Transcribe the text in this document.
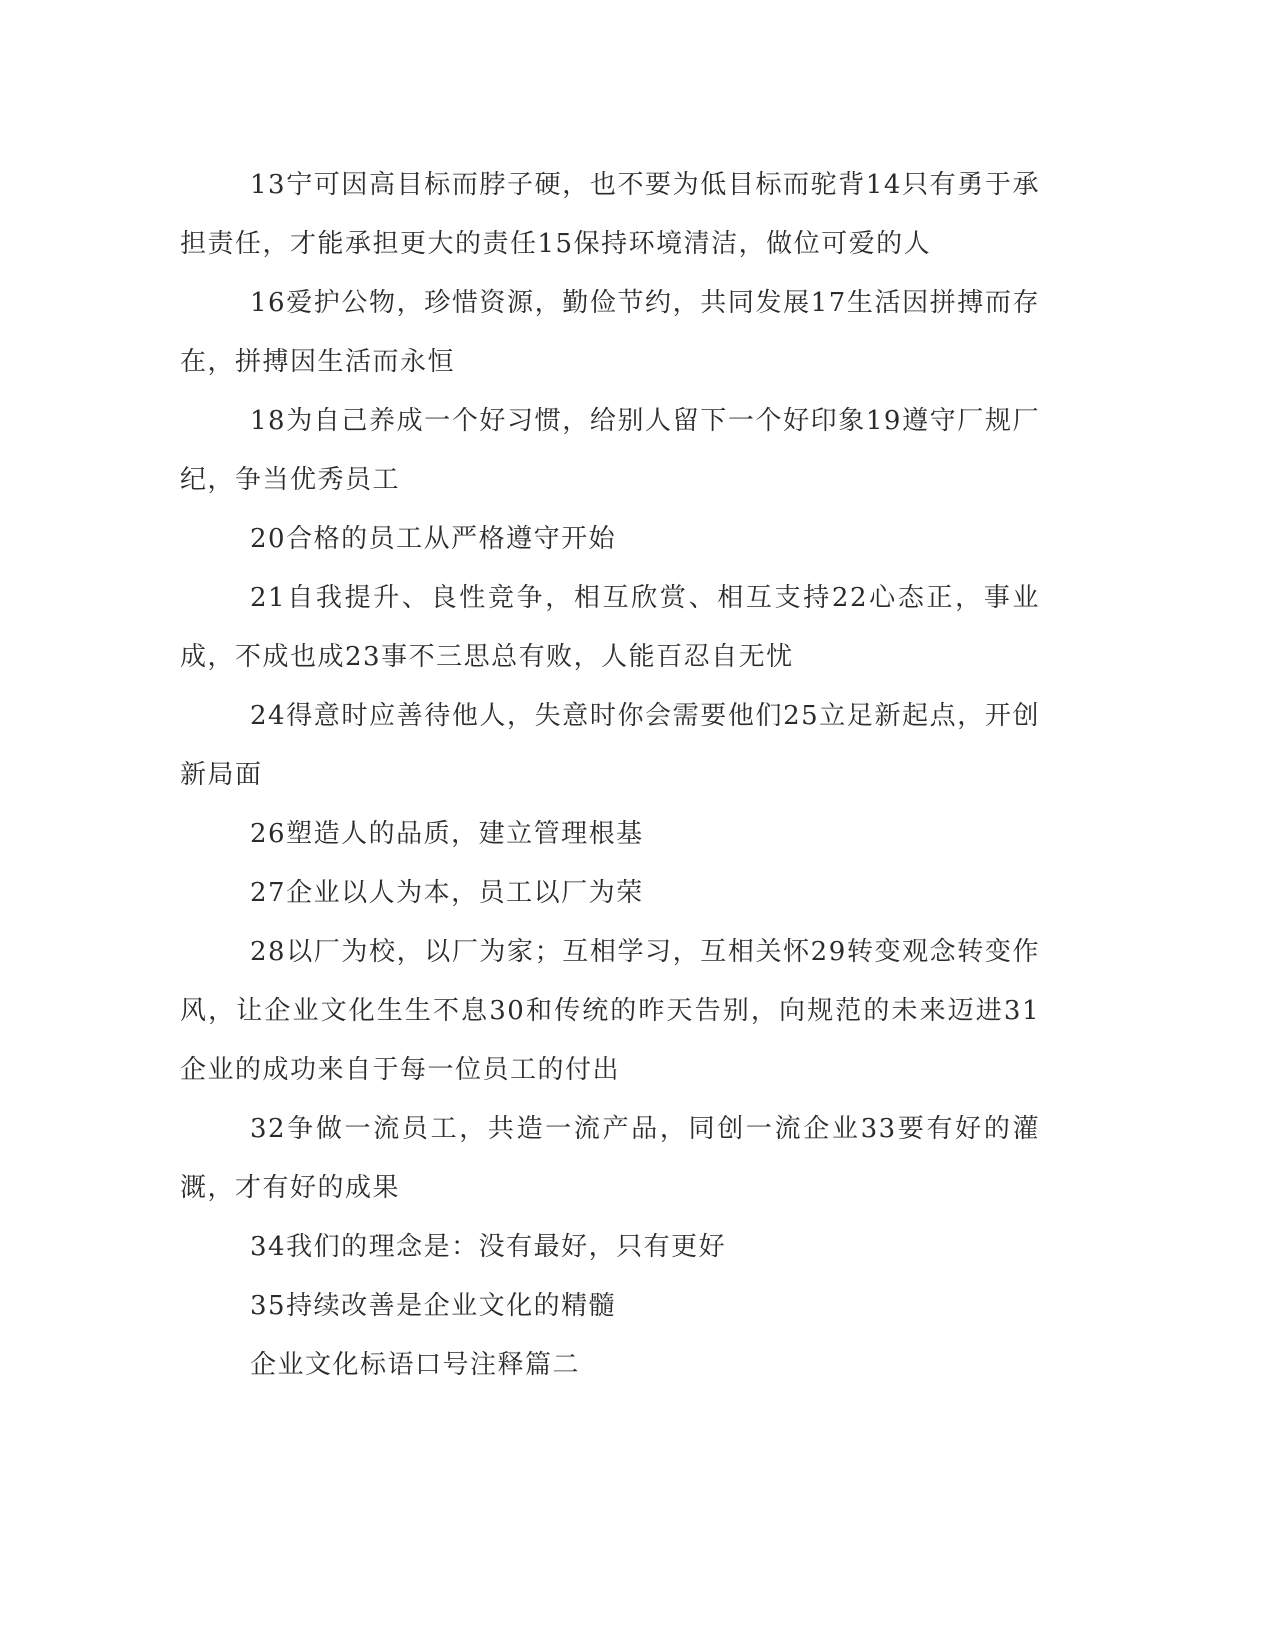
13宁可因高目标而脖子硬，也不要为低目标而驼背14只有勇于承担责任，才能承担更大的责任15保持环境清洁，做位可爱的人

16爱护公物，珍惜资源，勤俭节约，共同发展17生活因拼搏而存在，拼搏因生活而永恒

18为自己养成一个好习惯，给别人留下一个好印象19遵守厂规厂纪，争当优秀员工

20合格的员工从严格遵守开始

21自我提升、良性竞争，相互欣赏、相互支持22心态正，事业成，不成也成23事不三思总有败，人能百忍自无忧

24得意时应善待他人，失意时你会需要他们25立足新起点，开创新局面

26塑造人的品质，建立管理根基

27企业以人为本，员工以厂为荣

28以厂为校，以厂为家；互相学习，互相关怀29转变观念转变作风，让企业文化生生不息30和传统的昨天告别，向规范的未来迈进31企业的成功来自于每一位员工的付出

32争做一流员工，共造一流产品，同创一流企业33要有好的灌溉，才有好的成果

34我们的理念是：没有最好，只有更好

35持续改善是企业文化的精髓

企业文化标语口号注释篇二
